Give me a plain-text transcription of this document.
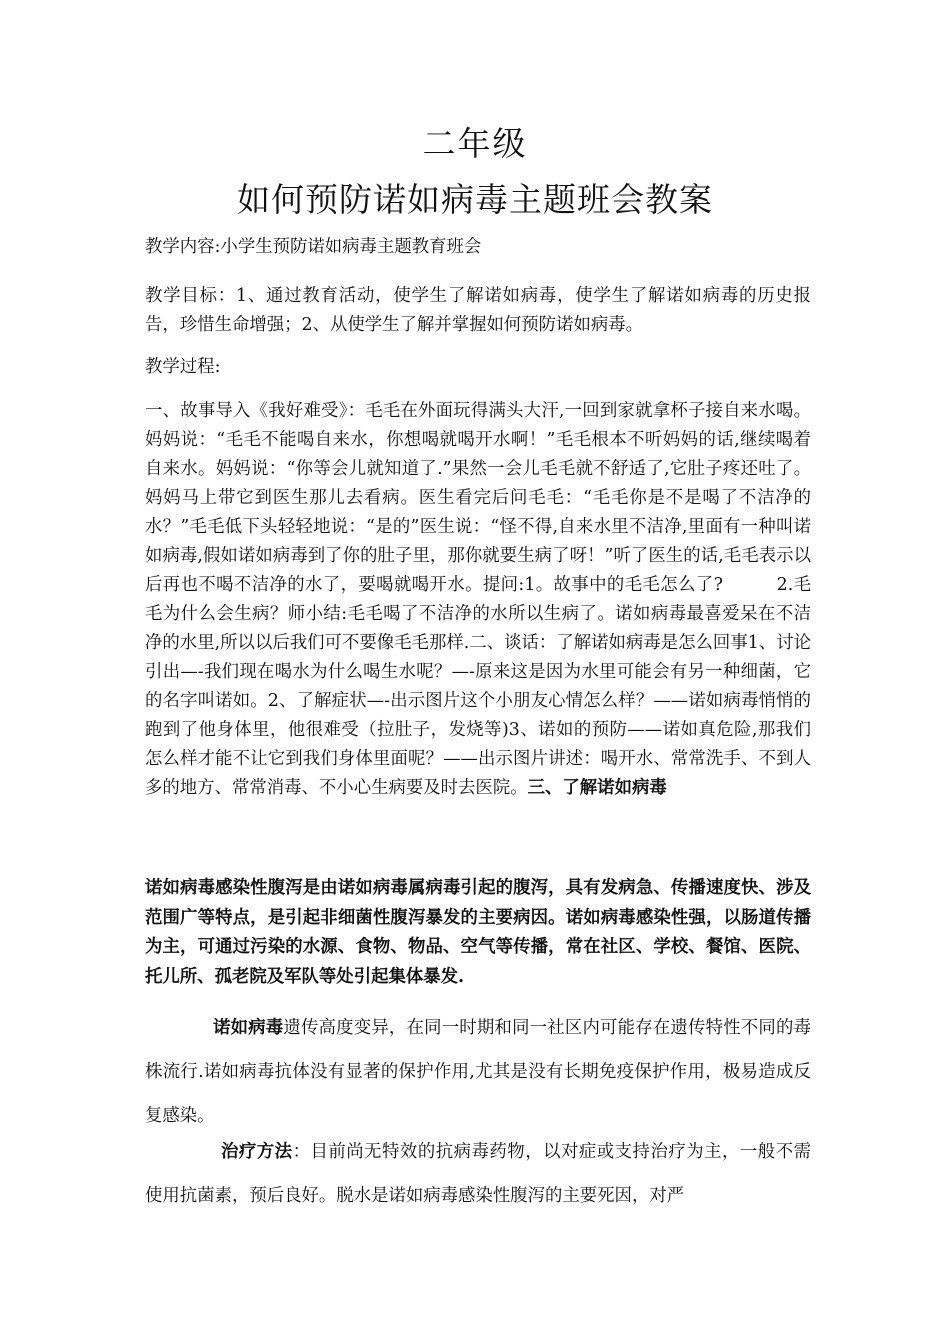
二年级
如何预防诺如病毒主题班会教案

教学内容:小学生预防诺如病毒主题教育班会

教学目标：1、通过教育活动，使学生了解诺如病毒，使学生了解诺如病毒的历史报告，珍惜生命增强；2、从使学生了解并掌握如何预防诺如病毒。

教学过程:

一、故事导入《我好难受》：毛毛在外面玩得满头大汗,一回到家就拿杯子接自来水喝。妈妈说：“毛毛不能喝自来水，你想喝就喝开水啊！”毛毛根本不听妈妈的话,继续喝着自来水。妈妈说：“你等会儿就知道了.”果然一会儿毛毛就不舒适了,它肚子疼还吐了。妈妈马上带它到医生那儿去看病。医生看完后问毛毛：“毛毛你是不是喝了不洁净的水？”毛毛低下头轻轻地说：“是的”医生说：“怪不得,自来水里不洁净,里面有一种叫诺如病毒,假如诺如病毒到了你的肚子里，那你就要生病了呀！”听了医生的话,毛毛表示以后再也不喝不洁净的水了，要喝就喝开水。提问:1。故事中的毛毛怎么了?　　　2.毛毛为什么会生病？师小结:毛毛喝了不洁净的水所以生病了。诺如病毒最喜爱呆在不洁净的水里,所以以后我们可不要像毛毛那样.二、谈话：了解诺如病毒是怎么回事1、讨论引出—-我们现在喝水为什么喝生水呢？—-原来这是因为水里可能会有另一种细菌，它的名字叫诺如。2、了解症状—-出示图片这个小朋友心情怎么样？——诺如病毒悄悄的跑到了他身体里，他很难受（拉肚子，发烧等)3、诺如的预防——诺如真危险,那我们怎么样才能不让它到我们身体里面呢？——出示图片讲述：喝开水、常常洗手、不到人多的地方、常常消毒、不小心生病要及时去医院。三、了解诺如病毒

诺如病毒感染性腹泻是由诺如病毒属病毒引起的腹泻，具有发病急、传播速度快、涉及范围广等特点，是引起非细菌性腹泻暴发的主要病因。诺如病毒感染性强，以肠道传播为主，可通过污染的水源、食物、物品、空气等传播，常在社区、学校、餐馆、医院、托儿所、孤老院及军队等处引起集体暴发.

诺如病毒遗传高度变异，在同一时期和同一社区内可能存在遗传特性不同的毒株流行.诺如病毒抗体没有显著的保护作用,尤其是没有长期免疫保护作用，极易造成反复感染。

治疗方法：目前尚无特效的抗病毒药物，以对症或支持治疗为主，一般不需使用抗菌素，预后良好。脱水是诺如病毒感染性腹泻的主要死因，对严
